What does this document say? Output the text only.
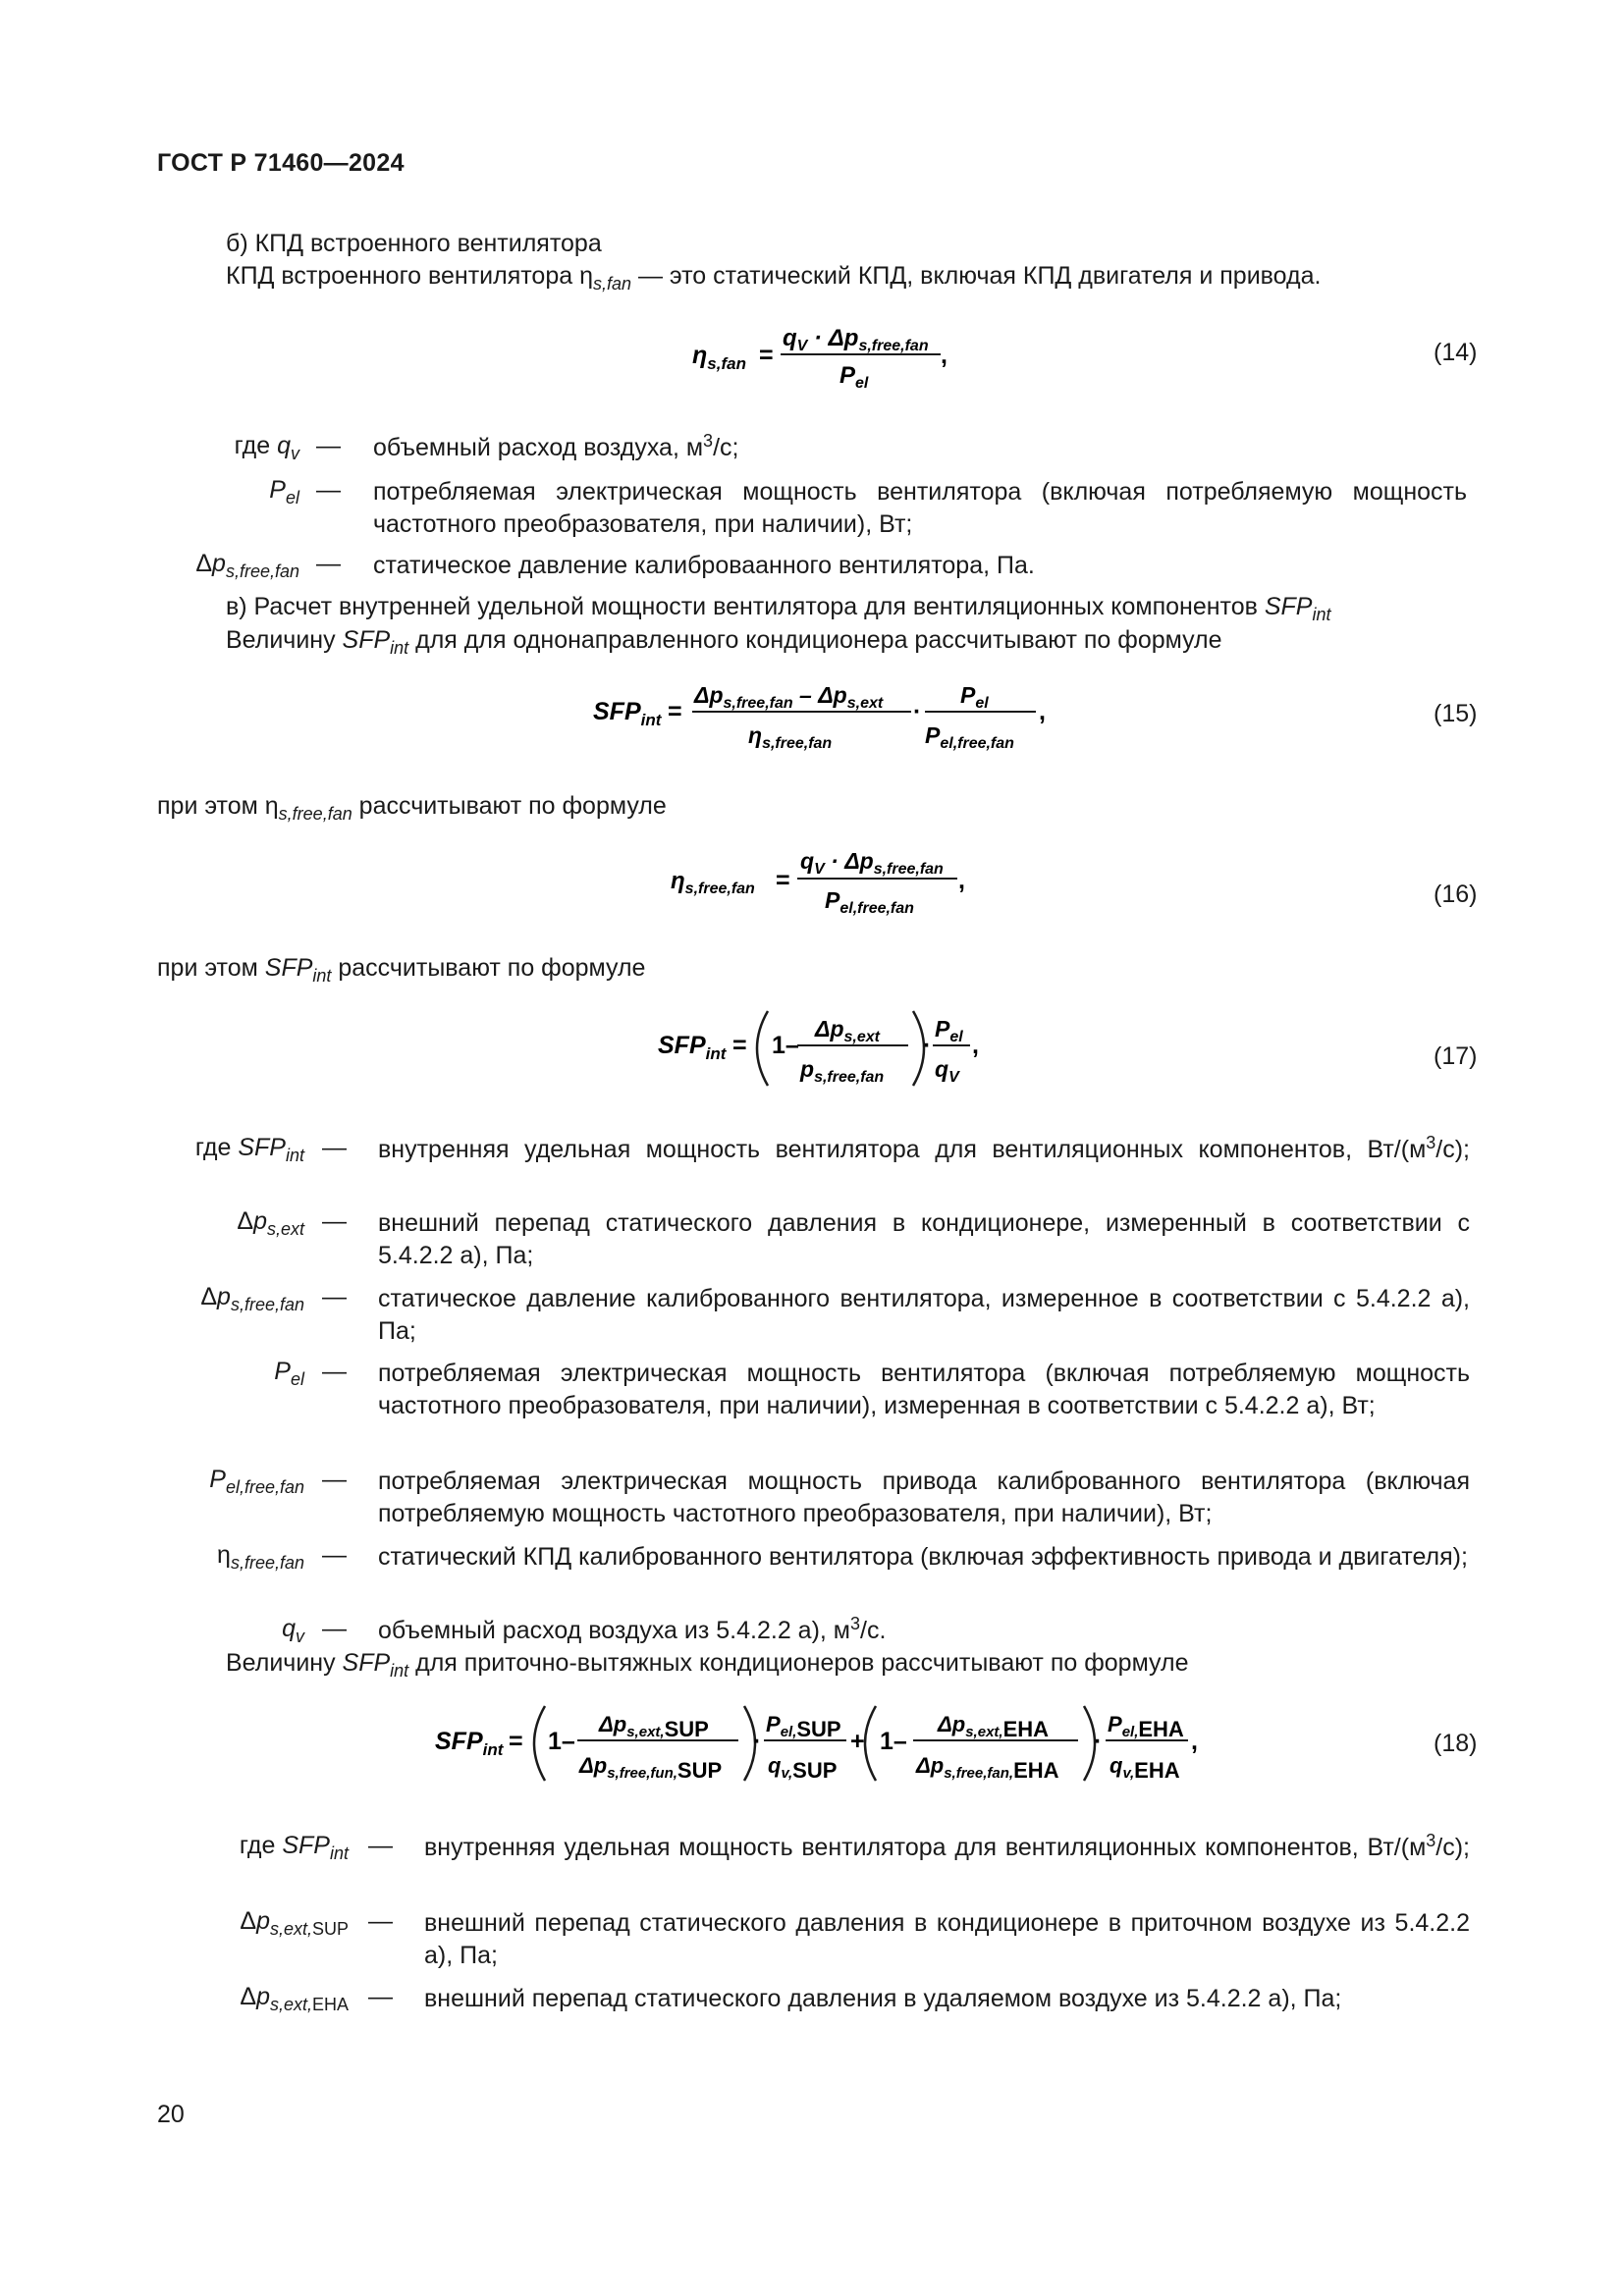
ГОСТ Р 71460—2024
б) КПД встроенного вентилятора
КПД встроенного вентилятора $\eta_{s,fan}$ — это статический КПД, включая КПД двигателя и привода.
$\eta_{s,fan}$ =
$q_V \cdot \Delta p_{s,free,fan}$
$P_{el}$
,	(14)
где $q_v$ — объемный расход воздуха, $м^3/с$;
$P_{el}$ — потребляемая электрическая мощность вентилятора (включая потребляемую мощность частотного преобразователя, при наличии), Вт;
$\Delta p_{s,free,fan}$ — статическое давление калиброваанного вентилятора, Па.
в) Расчет внутренней удельной мощности вентилятора для вентиляционных компонентов $SFP_{int}$
Величину $SFP_{int}$ для для однонаправленного кондиционера рассчитывают по формуле
$SFP_{int}$ =
$\Delta p_{s,free,fan} - \Delta p_{s,ext}$
$\eta_{s,free,fan}$
·
$P_{el}$
$P_{el,free,fan}$
,	(15)
при этом $\eta_{s,free,fan}$ рассчитывают по формуле
$\eta_{s,free,fan}$ =
$q_V \cdot \Delta p_{s,free,fan}$
$P_{el,free,fan}$
,	(16)
при этом $SFP_{int}$ рассчитывают по формуле
$SFP_{int} = 1-$
$\Delta p_{s,ext}$
$p_{s,free,fan}$
·
$P_{el}$
$q_V$
,	(17)
где $SFP_{int}$ — внутренняя удельная мощность вентилятора для вентиляционных компонентов, $Вт/(м^3/с)$;
$\Delta p_{s,ext}$ — внешний перепад статического давления в кондиционере, измеренный в соответствии с 5.4.2.2 а), Па;
$\Delta p_{s,free,fan}$ — статическое давление калиброванного вентилятора, измеренное в соответствии с 5.4.2.2 а), Па;
$P_{el}$ — потребляемая электрическая мощность вентилятора (включая потребляемую мощность частотного преобразователя, при наличии), измеренная в соответствии с 5.4.2.2 а), Вт;
$P_{el,free,fan}$ — потребляемая электрическая мощность привода калиброванного вентилятора (включая потребляемую мощность частотного преобразователя, при наличии), Вт;
$\eta_{s,free,fan}$ — статический КПД калиброванного вентилятора (включая эффективность привода и двигателя);
$q_v$ — объемный расход воздуха из 5.4.2.2 а), $м^3/с$.
Величину $SFP_{int}$ для приточно-вытяжных кондиционеров рассчитывают по формуле
$SFP_{int} = 1-$
$\Delta p_{s,ext,}SUP$
$\Delta p_{s,free,fun,}SUP$
·
$P_{el,}SUP$
$q_{v,}SUP$
+ 1–
$\Delta p_{s,ext,}EHA$
$\Delta p_{s,free,fan,}EHA$
·
$P_{el,}EHA$
$q_{v,}EHA$
,	(18)
где $SFP_{int}$ — внутренняя удельная мощность вентилятора для вентиляционных компонентов, $Вт/(м^3/с)$;
$\Delta p_{s,ext,SUP}$ — внешний перепад статического давления в кондиционере в приточном воздухе из 5.4.2.2 а), Па;
$\Delta p_{s,ext,EHA}$ — внешний перепад статического давления в удаляемом воздухе из 5.4.2.2 а), Па;
20
